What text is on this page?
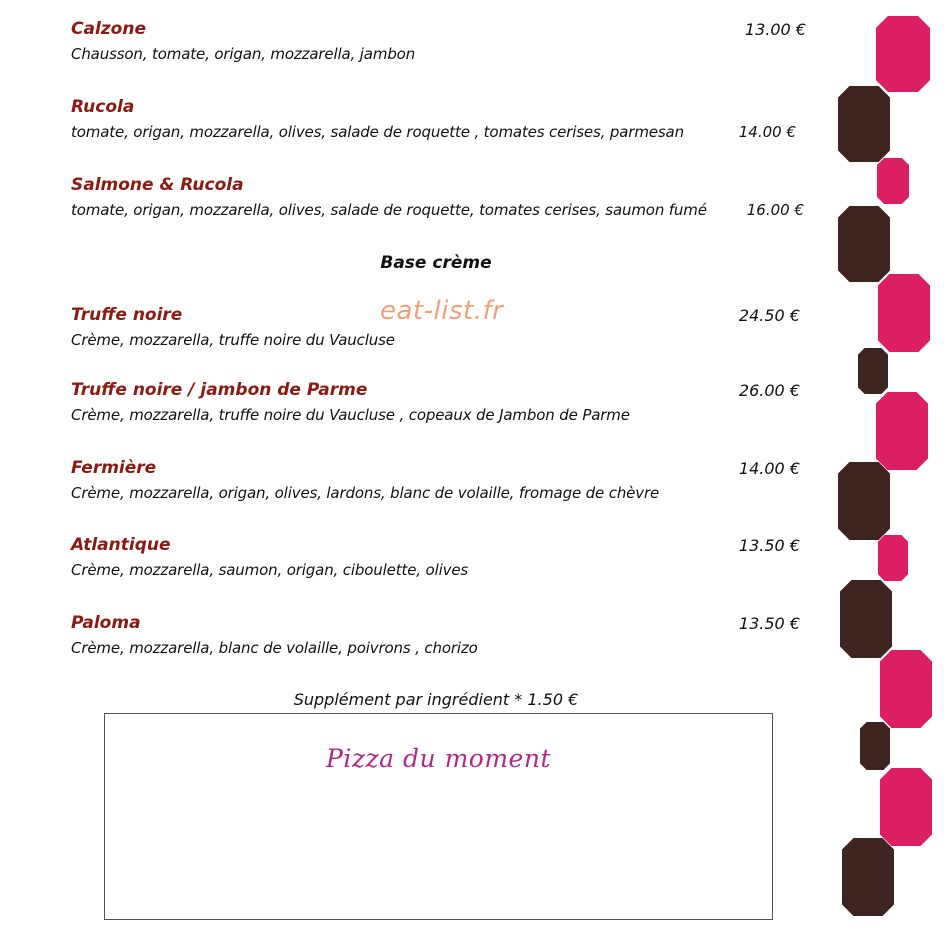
Calzone	13.00 €
Chausson, tomate, origan, mozzarella, jambon
Rucola
tomate, origan, mozzarella, olives, salade de roquette , tomates cerises, parmesan	14.00 €
Salmone & Rucola
tomate, origan, mozzarella, olives, salade de roquette, tomates cerises, saumon fumé	16.00 €
Base crème
eat-list.fr
Truffe noire	24.50 €
Crème, mozzarella, truffe noire du Vaucluse
Truffe noire / jambon de Parme	26.00 €
Crème, mozzarella, truffe noire du Vaucluse , copeaux de Jambon de Parme
Fermière	14.00 €
Crème, mozzarella, origan, olives, lardons, blanc de volaille, fromage de chèvre
Atlantique	13.50 €
Crème, mozzarella, saumon, origan, ciboulette, olives
Paloma	13.50 €
Crème, mozzarella, blanc de volaille, poivrons , chorizo
Supplément par ingrédient * 1.50 €
Pizza du moment
